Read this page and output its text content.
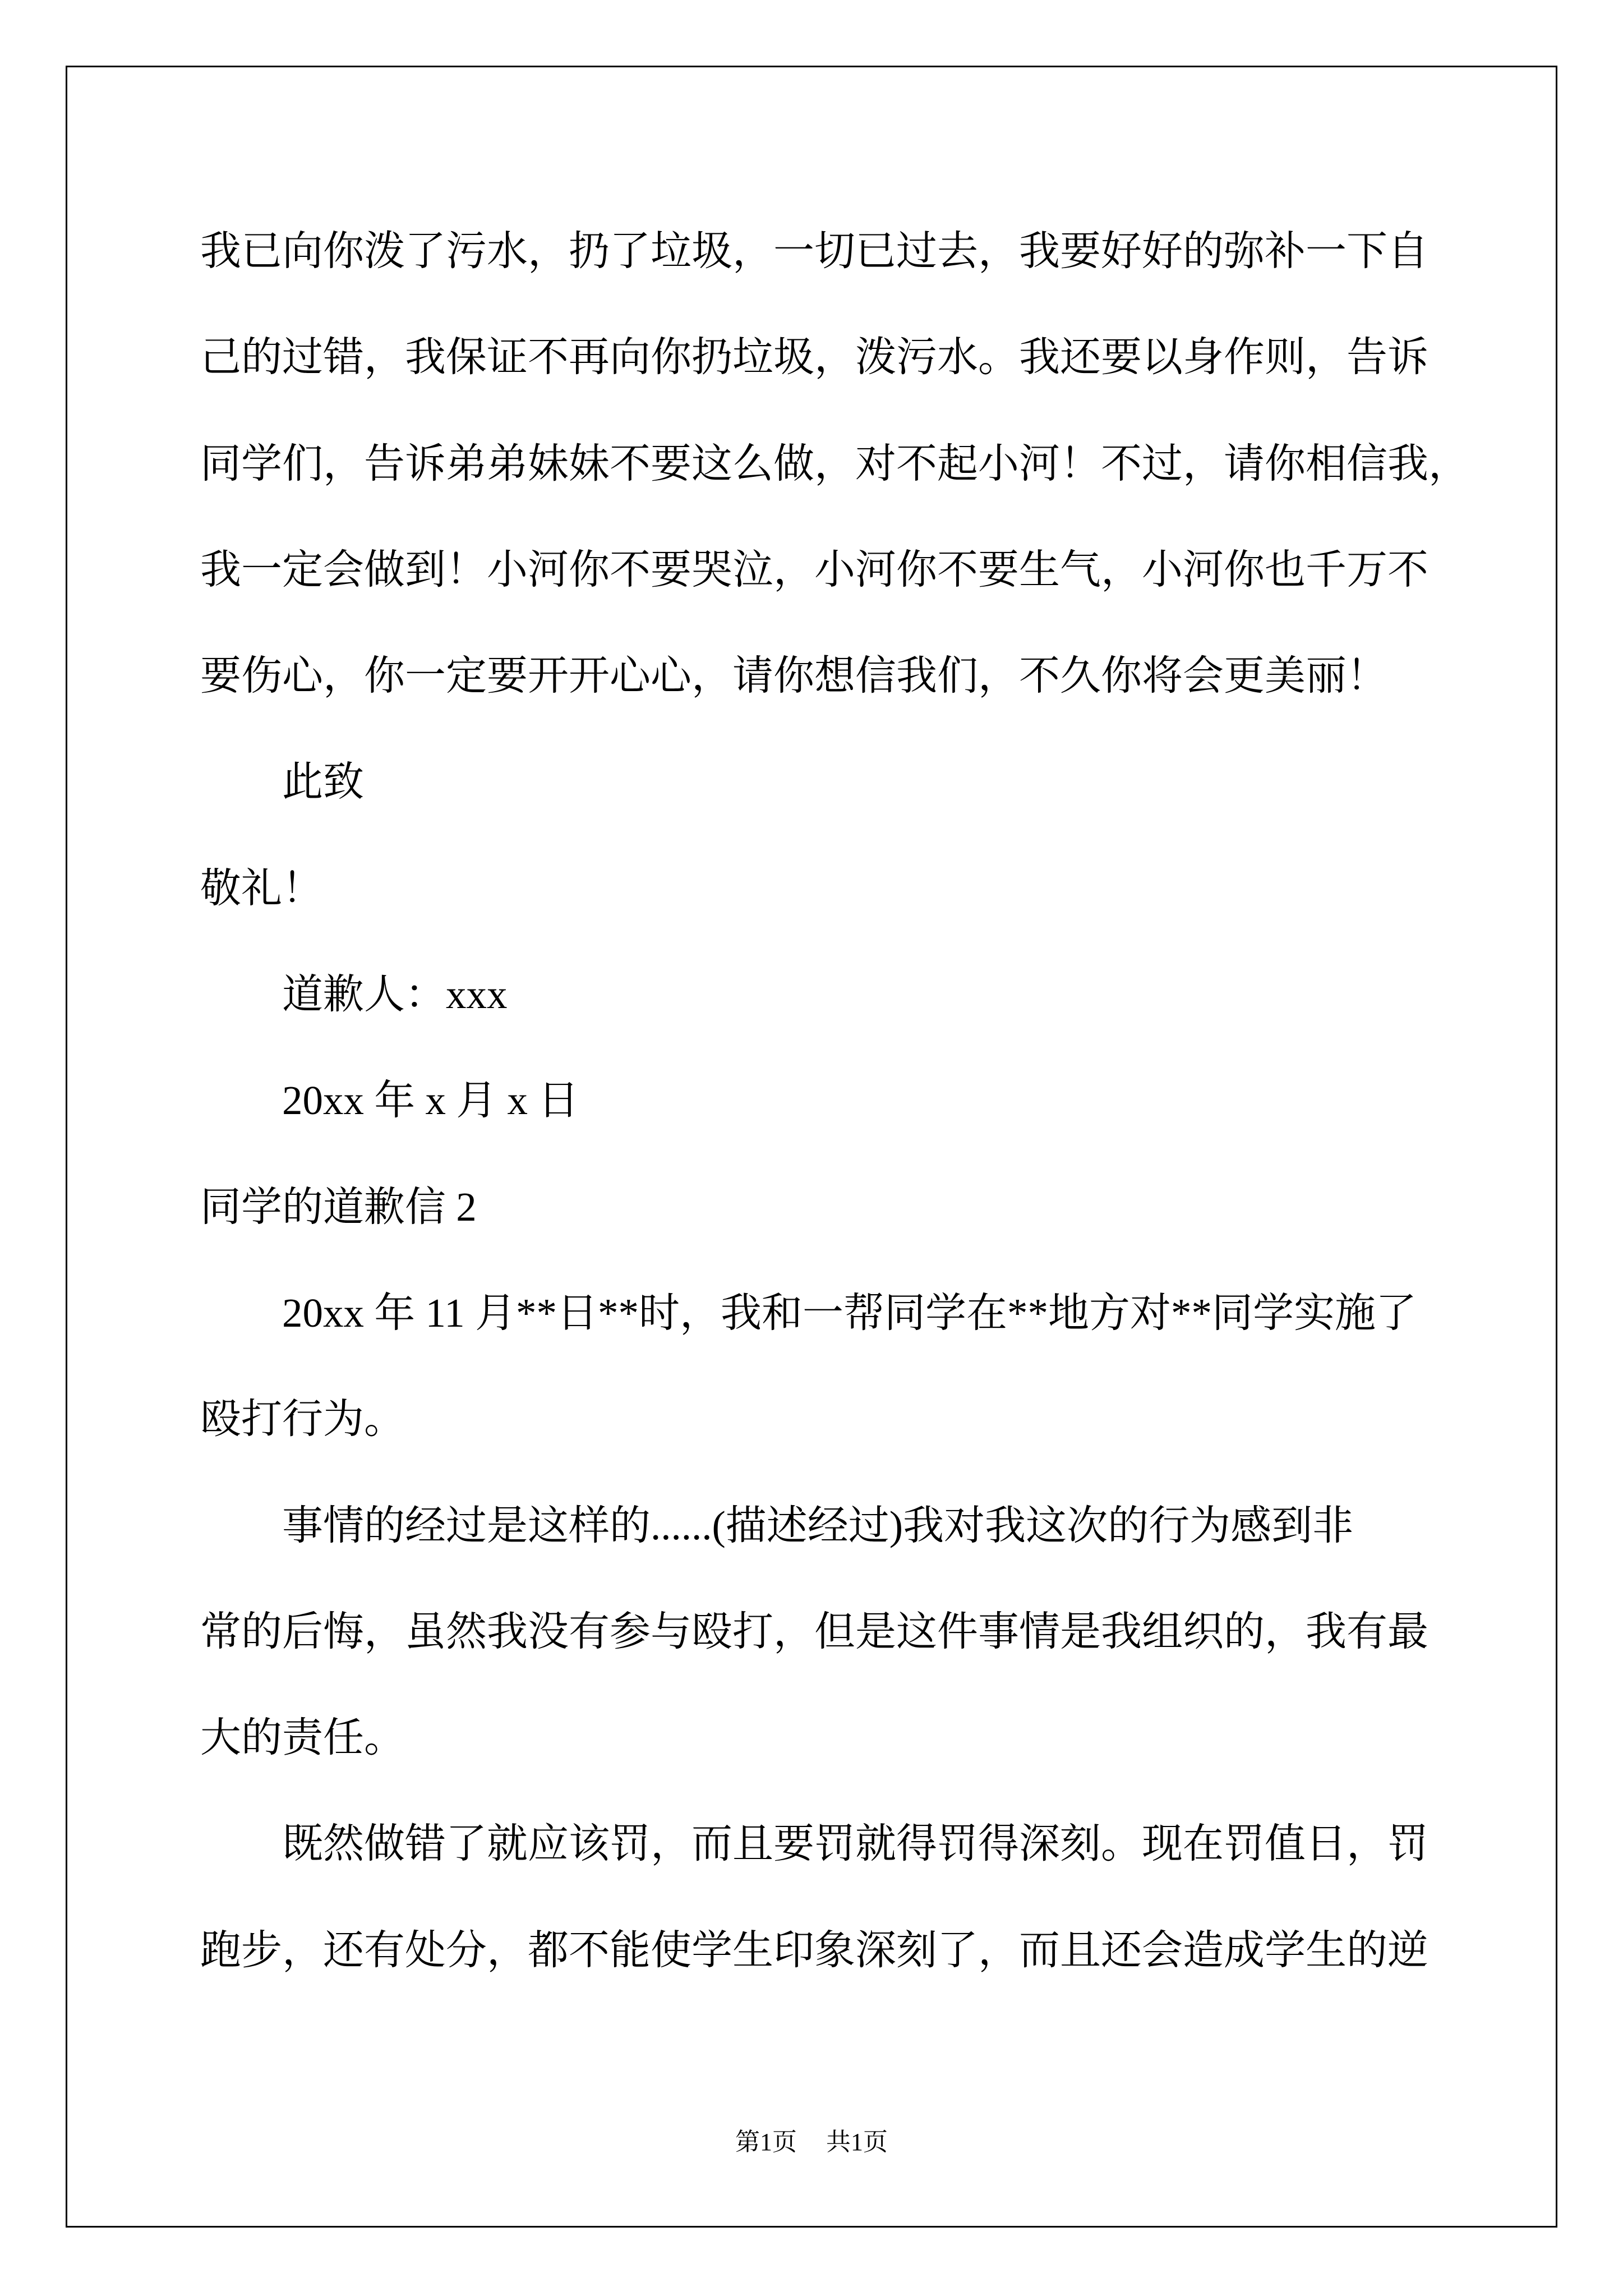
我已向你泼了污水，扔了垃圾，一切已过去，我要好好的弥补一下自
己的过错，我保证不再向你扔垃圾，泼污水。我还要以身作则，告诉
同学们，告诉弟弟妹妹不要这么做，对不起小河！不过，请你相信我，
我一定会做到！小河你不要哭泣，小河你不要生气，小河你也千万不
要伤心，你一定要开开心心，请你想信我们，不久你将会更美丽！
此致
敬礼！
道歉人：xxx
20xx 年 x 月 x 日
同学的道歉信 2
20xx 年 11 月**日**时，我和一帮同学在**地方对**同学实施了
殴打行为。
事情的经过是这样的......(描述经过)我对我这次的行为感到非
常的后悔，虽然我没有参与殴打，但是这件事情是我组织的，我有最
大的责任。
既然做错了就应该罚，而且要罚就得罚得深刻。现在罚值日，罚
跑步，还有处分，都不能使学生印象深刻了，而且还会造成学生的逆
第1页 共1页
